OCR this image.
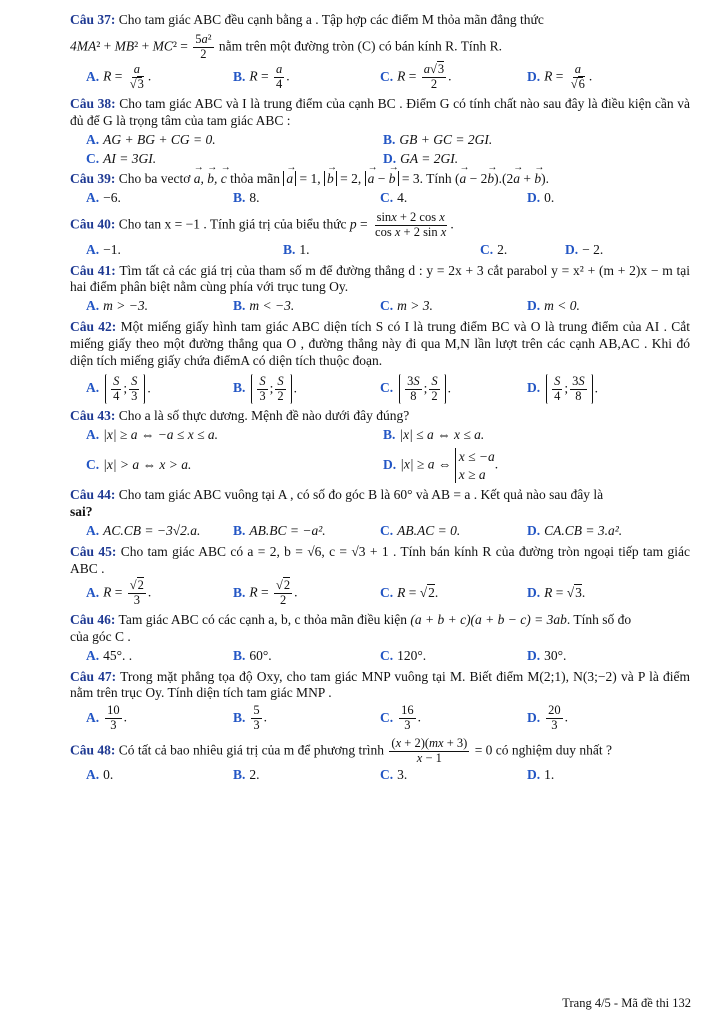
Câu 37: Cho tam giác ABC đều cạnh bằng a . Tập hợp các điểm M thỏa mãn đẳng thức
$4MA^2 + MB^2 + MC^2 = \frac{\text{5a²}}{2}$ nằm trên một đường tròn (C) có bán kính R. Tính R.
A. $R = \frac{a}{√3}$ .	B. $R = \frac{a}{4}$ .	C. $R = \frac{a√3}{2}$ .	D. $R = \frac{a}{√6}$ .
Câu 38: Cho tam giác ABC và I là trung điểm của cạnh BC . Điểm G có tính chất nào sau đây là điều kiện cần và đủ để G là trọng tâm của tam giác ABC :
A. AG + BG + CG = 0.	B. GB + GC = 2GI.
C. AI = 3GI.	D. GA = 2GI.
Câu 39: Cho ba vectơ → a, → b, → c thỏa mãn → a = 1, → b = 2, → a − → b = 3. Tính (→ a − 2→ b).(2→ a + → b).
A. −6.	B. 8.	C. 4.	D. 0.
Câu 40: Cho tan x = −1 . Tính giá trị của biểu thức $p = \frac{\text{sinx + 2 cos x}}{\text{cos x + 2 sin x}}$ .
A. −1.	B. 1.	C. 2.	D. − 2.
Câu 41: Tìm tất cả các giá trị của tham số m để đường thẳng d : y = 2x + 3 cắt parabol y = x² + (m + 2)x − m tại hai điểm phân biệt nằm cùng phía với trục tung Oy.
A. m > −3.	B. m < −3.	C. m > 3.	D. m < 0.
Câu 42: Một miếng giấy hình tam giác ABC diện tích S có I là trung điểm BC và O là trung điểm của AI . Cắt miếng giấy theo một đường thẳng qua O , đường thẳng này đi qua M,N lần lượt trên các cạnh AB,AC . Khi đó diện tích miếng giấy chứa điểmA có diện tích thuộc đoạn.
A. $\frac{S}{4}$ ; $\frac{S}{3}$ .	B. $\frac{S}{3}$ ; $\frac{S}{2}$ .	C. $\frac{3S}{8}$ ; $\frac{S}{2}$ .	D. $\frac{S}{4}$ ; $\frac{3S}{8}$ .
Câu 43: Cho a là số thực dương. Mệnh đề nào dưới đây đúng?
A. |x| ≥ a ⇔ −a ≤ x ≤ a.	B. |x| ≤ a ⇔ x ≤ a.
C. |x| > a ⇔ x > a.	D. |x| ≥ a ⇔
x ≤ −a
x ≥ a
.
Câu 44: Cho tam giác ABC vuông tại A , có số đo góc B là 60° và AB = a . Kết quả nào sau đây là
sai?
A. AC.CB = −3√2.a.	B. AB.BC = −a².	C. AB.AC = 0.	D. CA.CB = 3.a².
Câu 45: Cho tam giác ABC có a = 2, b = √6, c = √3 + 1 . Tính bán kính R của đường tròn ngoại tiếp tam giác ABC .
A. $R = \frac{√2}{3}$ .	B. $R = \frac{√2}{2}$ .	C. R = √2.	D. R = √3.
Câu 46: Tam giác ABC có các cạnh a, b, c thỏa mãn điều kiện (a + b + c)(a + b − c) = 3ab. Tính số đo
của góc C .
A. 45°. .	B. 60°.	C. 120°.	D. 30°.
Câu 47: Trong mặt phẳng tọa độ Oxy, cho tam giác MNP vuông tại M. Biết điểm M(2;1), N(3;−2) và P là điểm nằm trên trục Oy. Tính diện tích tam giác MNP .
A. $\frac{10}{3}$ .	B. $\frac{5}{3}$ .	C. $\frac{16}{3}$ .	D. $\frac{20}{3}$ .
Câu 48: Có tất cả bao nhiêu giá trị của m để phương trình $\frac{(x + 2)(mx + 3)}{x - 1} = 0$ có nghiệm duy nhất ?
A. 0.	B. 2.	C. 3.	D. 1.
Trang 4/5 - Mã đề thi 132
